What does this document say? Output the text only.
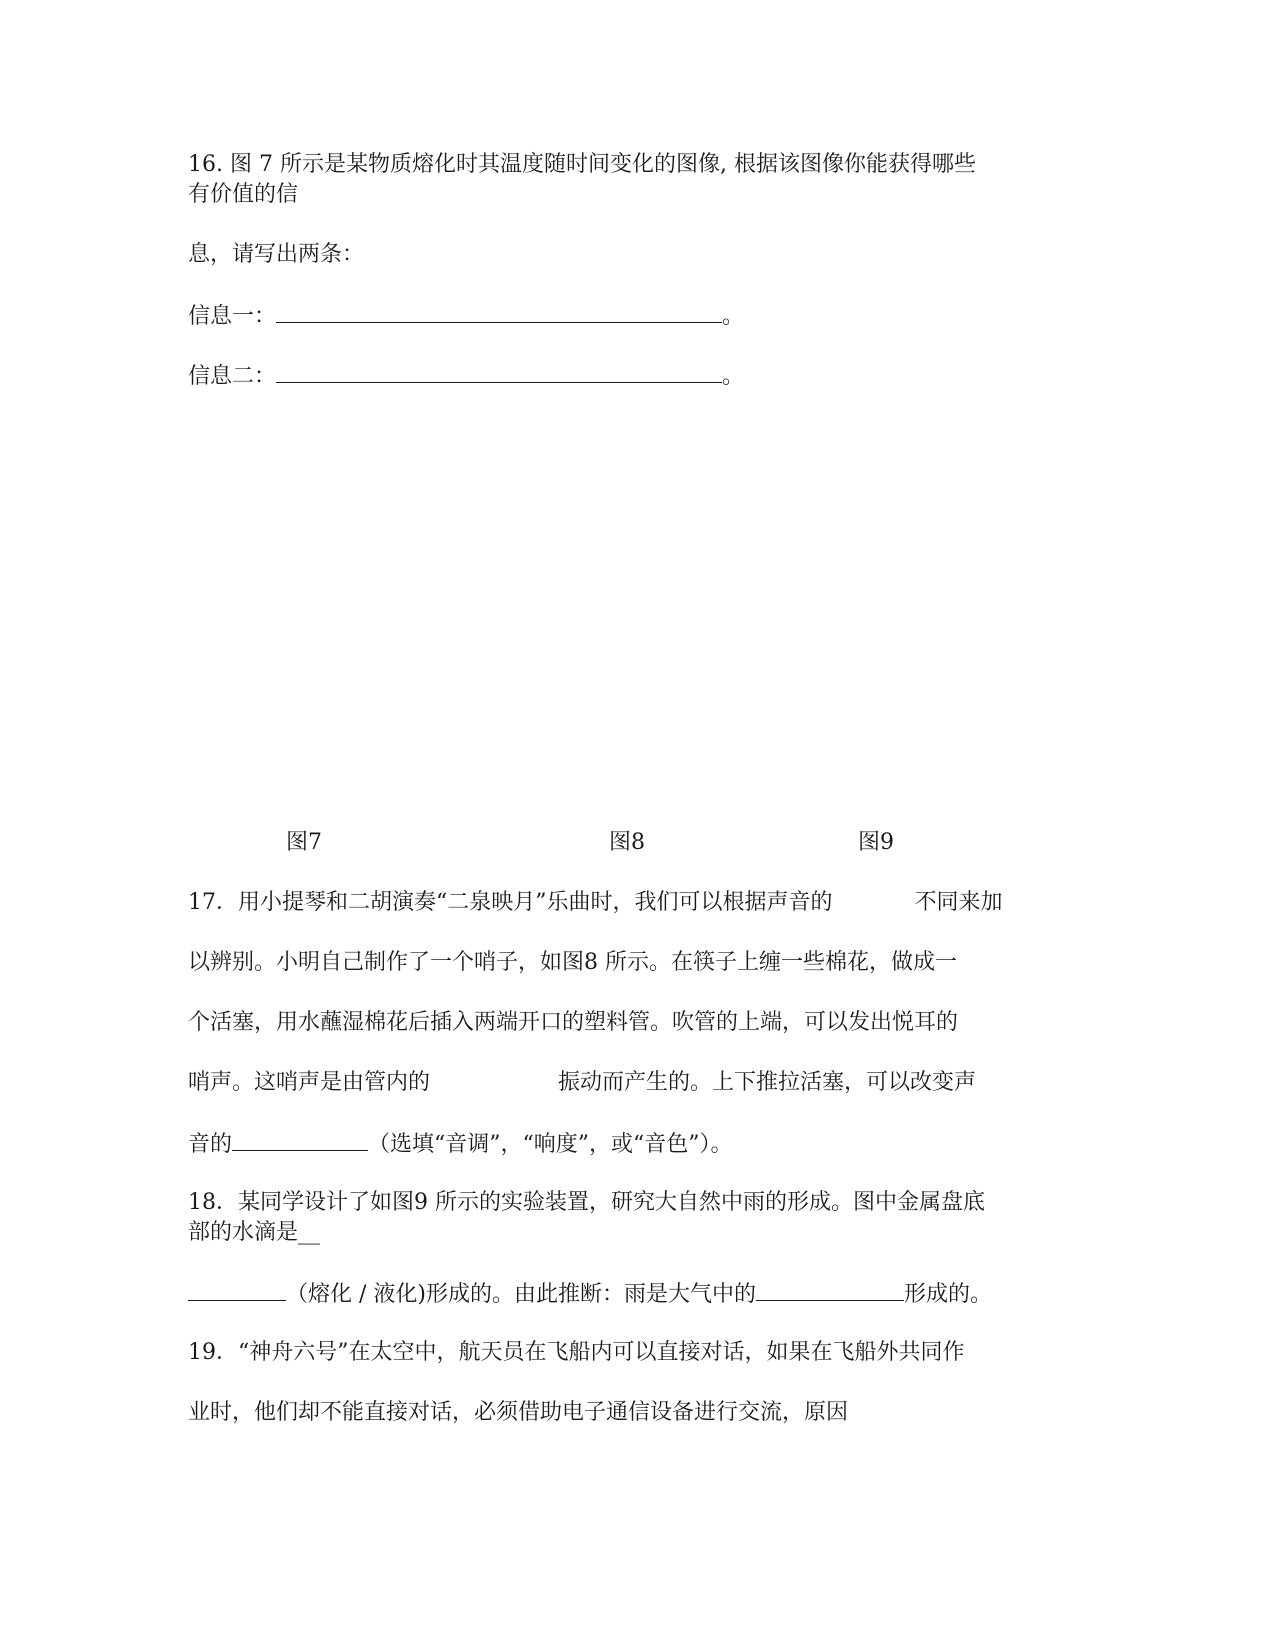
16. 图 7 所示是某物质熔化时其温度随时间变化的图像, 根据该图像你能获得哪些
有价值的信
息，请写出两条：
信息一：	。
信息二：	。
图7	图8	图9
17．用小提琴和二胡演奏“二泉映月”乐曲时，我们可以根据声音的	不同来加
以辨别。小明自己制作了一个哨子，如图8 所示。在筷子上缠一些棉花，做成一
个活塞，用水蘸湿棉花后插入两端开口的塑料管。吹管的上端，可以发出悦耳的
哨声。这哨声是由管内的	振动而产生的。上下推拉活塞，可以改变声
音的	（选填“音调”，“响度”，或“音色”）。
18．某同学设计了如图9 所示的实验装置，研究大自然中雨的形成。图中金属盘底
部的水滴是__
（熔化 / 液化)形成的。由此推断：雨是大气中的	形成的。
19．“神舟六号”在太空中，航天员在飞船内可以直接对话，如果在飞船外共同作
业时，他们却不能直接对话，必须借助电子通信设备进行交流，原因
